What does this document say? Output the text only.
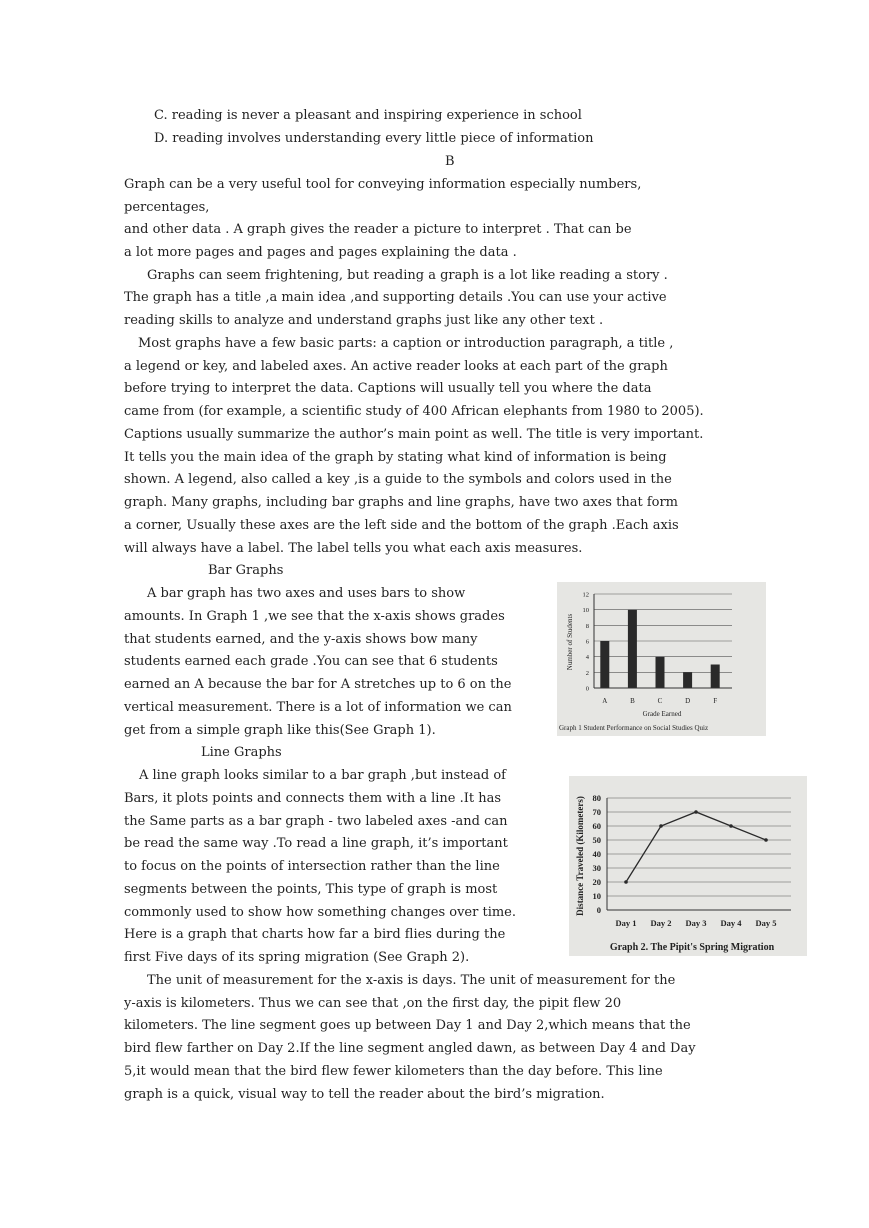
C. reading is never a pleasant and inspiring experience in school
D. reading involves understanding every little piece of information
B
Graph can be a very useful tool for conveying information especially numbers,
percentages,
and other data . A graph gives the reader a picture to interpret . That can be
a lot more pages and pages and pages explaining the data .
Graphs can seem frightening, but reading a graph is a lot like reading a story .
The graph has a title ,a main idea ,and supporting details .You can use your active
reading skills to analyze and understand graphs just like any other text .
Most graphs have a few basic parts: a caption or introduction paragraph, a title ,
a legend or key, and labeled axes. An active reader looks at each part of the graph
before trying to interpret the data. Captions will usually tell you where the data
came from (for example, a scientific study of 400 African elephants from 1980 to 2005).
Captions usually summarize the author’s main point as well. The title is very important.
It tells you the main idea of the graph by stating what kind of information is being
shown. A legend, also called a key ,is a guide to the symbols and colors used in the
graph. Many graphs, including bar graphs and line graphs, have two axes that form
a corner, Usually these axes are the left side and the bottom of the graph .Each axis
will always have a label. The label tells you what each axis measures.
Bar Graphs
A bar graph has two axes and uses bars to show
amounts. In Graph 1 ,we see that the x-axis shows grades
that students earned, and the y-axis shows bow many
students earned each grade .You can see that 6 students
earned an A because the bar for A stretches up to 6 on the
vertical measurement. There is a lot of information we can
get from a simple graph like this(See Graph 1).
Line Graphs
A line graph looks similar to a bar graph ,but instead of
Bars, it plots points and connects them with a line .It has
the Same parts as a bar graph - two labeled axes -and can
be read the same way .To read a line graph, it’s important
to focus on the points of intersection rather than the line
segments between the points, This type of graph is most
commonly used to show how something changes over time.
Here is a graph that charts how far a bird flies during the
first Five days of its spring migration (See Graph 2).
The unit of measurement for the x-axis is days. The unit of measurement for the
y-axis is kilometers. Thus we can see that ,on the first day, the pipit flew 20
kilometers. The line segment goes up between Day 1 and Day 2,which means that the
bird flew farther on Day 2.If the line segment angled dawn, as between Day 4 and Day
5,it would mean that the bird flew fewer kilometers than the day before. This line
graph is a quick, visual way to tell the reader about the bird’s migration.
0
2
4
6
8
10
12
A	B	C	D	F
Number of Students
Grade Earned
Graph 1 Student Performance on Social Studies Quiz
0
10
20
30
40
50
60
70
80
Day 1 Day 2 Day 3 Day 4 Day 5
Distance Traveled (Kilometers)
Graph 2. The Pipit's Spring Migration
